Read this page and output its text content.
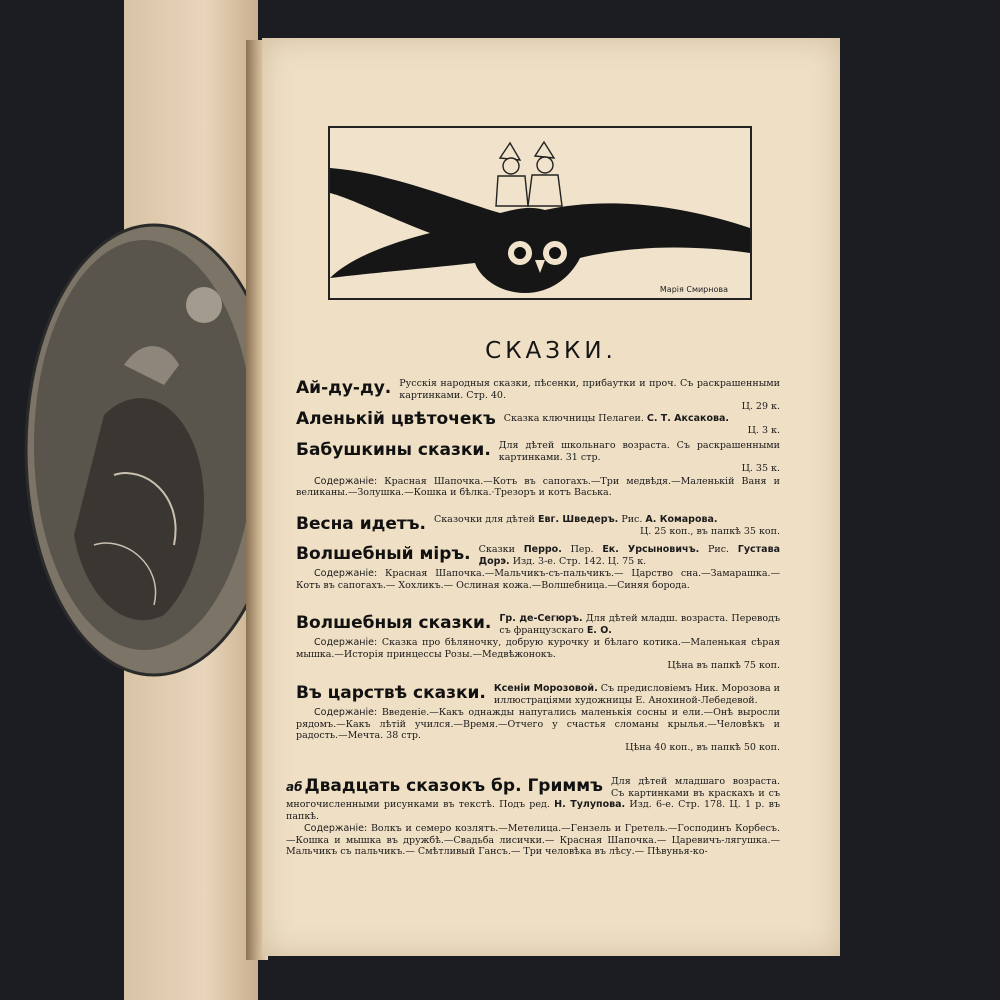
Марiя Смирнова
СКАЗКИ.
Ай-ду-ду. Русскiя народныя сказки, пѣсенки, прибаутки и проч. Съ раскрашенными картинками. Стр. 40.
Ц. 29 к.
Аленькiй цвѣточекъ Сказка ключницы Пелагеи. С. Т. Аксакова.
Ц. 3 к.
Бабушкины сказки. Для дѣтей школьнаго возраста. Съ раскрашенными картинками. 31 стр.
Ц. 35 к.
Содержанiе: Красная Шапочка.—Котъ въ сапогахъ.—Три медвѣдя.—Маленькiй Ваня и великаны.—Золушка.—Кошка и бѣлка.·Трезоръ и котъ Васька.
Весна идетъ. Сказочки для дѣтей Евг. Шведеръ. Рис. А. Комарова.
Ц. 25 коп., въ папкѣ 35 коп.
Волшебный мiръ. Сказки Перро. Пер. Ек. Урсыновичъ. Рис. Густава Дорэ. Изд. 3-е. Стр. 142. Ц. 75 к.
Содержанiе: Красная Шапочка.—Мальчикъ-съ-пальчикъ.— Царство сна.—Замарашка.—Котъ въ сапогахъ.— Хохликъ.— Ослиная кожа.—Волшебница.—Синяя борода.
Волшебныя сказки. Гр. де-Сегюръ. Для дѣтей младш. возраста. Переводъ съ французскаго Е. О.
Содержанiе: Сказка про бѣляночку, добрую курочку и бѣлаго котика.—Маленькая сѣрая мышка.—Исторiя принцессы Розы.—Медвѣжонокъ.
Цѣна въ папкѣ 75 коп.
Въ царствѣ сказки. Ксенiи Морозовой. Съ предисловiемъ Ник. Морозова и иллюстрацiями художницы Е. Анохиной-Лебедевой.
Содержанiе: Введенiе.—Какъ однажды напугались маленькiя сосны и ели.—Онѣ выросли рядомъ.—Какъ лѣтiй учился.—Время.—Отчего у счастья сломаны крылья.—Человѣкъ и радость.—Мечта. 38 стр.
Цѣна 40 коп., въ папкѣ 50 коп.
аб Двадцать сказокъ бр. Гриммъ Для дѣтей младшаго возраста. Съ картинками въ краскахъ и съ многочисленными рисунками въ текстѣ. Подъ ред. Н. Тулупова. Изд. 6-е. Стр. 178. Ц. 1 р. въ папкѣ.
Содержанiе: Волкъ и семеро козлятъ.—Метелица.—Гензель и Гретель.—Господинъ Корбесъ.—Кошка и мышка въ дружбѣ.—Свадьба лисички.— Красная Шапочка.— Царевичъ-лягушка.— Мальчикъ съ пальчикъ.— Смѣтливый Гансъ.— Три человѣка въ лѣсу.— Пѣвунья-ко-
